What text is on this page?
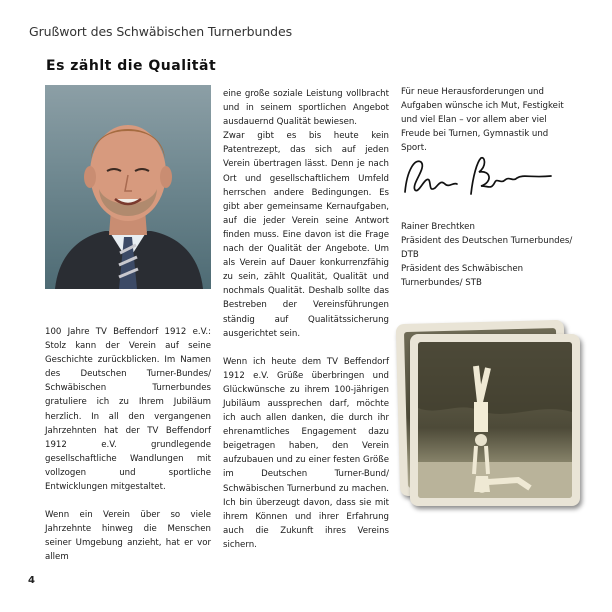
Grußwort des Schwäbischen Turnerbundes
Es zählt die Qualität

100 Jahre TV Beffendorf 1912 e.V.: Stolz kann der Verein auf seine Geschichte zurückblicken. Im Namen des Deutschen Turner-Bundes/ Schwäbischen Turnerbundes gratuliere ich zu Ihrem Jubiläum herzlich. In all den vergangenen Jahrzehnten hat der TV Beffendorf 1912 e.V. grundlegende gesellschaftliche Wandlungen mit vollzogen und sportliche Entwicklungen mitgestaltet.

Wenn ein Verein über so viele Jahrzehnte hinweg die Menschen seiner Umgebung anzieht, hat er vor allem

eine große soziale Leistung vollbracht und in seinem sportlichen Angebot ausdauernd Qualität bewiesen.

Zwar gibt es bis heute kein Patentrezept, das sich auf jeden Verein übertragen lässt. Denn je nach Ort und gesellschaftlichem Umfeld herrschen andere Bedingungen. Es gibt aber gemeinsame Kernaufgaben, auf die jeder Verein seine Antwort finden muss. Eine davon ist die Frage nach der Qualität der Angebote. Um als Verein auf Dauer konkurrenzfähig zu sein, zählt Qualität, Qualität und nochmals Qualität. Deshalb sollte das Bestreben der Vereinsführungen ständig auf Qualitätssicherung ausgerichtet sein.

Wenn ich heute dem TV Beffendorf 1912 e.V. Grüße überbringen und Glückwünsche zu ihrem 100-jährigen Jubiläum aussprechen darf, möchte ich auch allen danken, die durch ihr ehrenamtliches Engagement dazu beigetragen haben, den Verein aufzubauen und zu einer festen Größe im Deutschen Turner-Bund/ Schwäbischen Turnerbund zu machen. Ich bin überzeugt davon, dass sie mit ihrem Können und ihrer Erfahrung auch die Zukunft ihres Vereins sichern.

Für neue Herausforderungen und Aufgaben wünsche ich Mut, Festigkeit und viel Elan – vor allem aber viel Freude bei Turnen, Gymnastik und Sport.

Rainer Brechtken

Präsident des Deutschen Turnerbundes/ DTB

Präsident des Schwäbischen Turnerbundes/ STB

4
